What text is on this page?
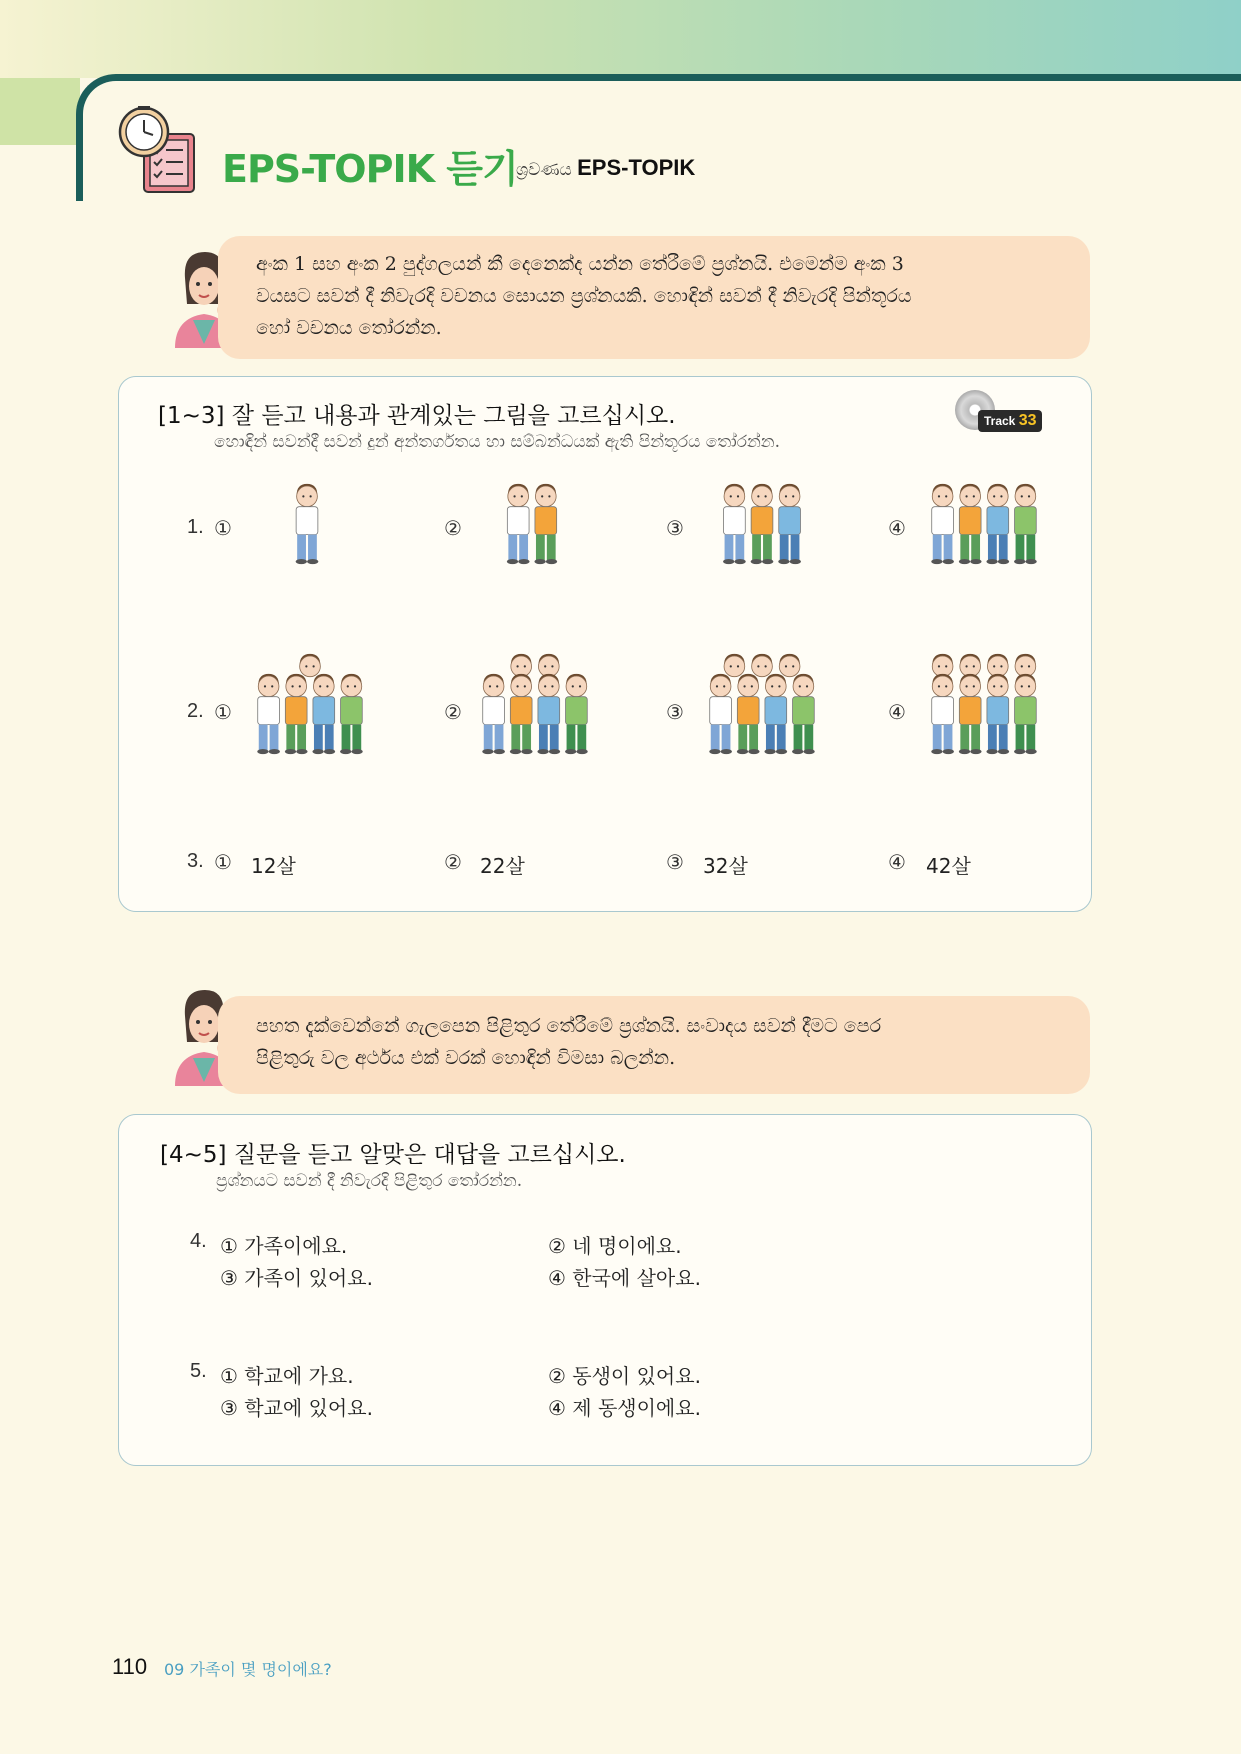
EPS-TOPIK 듣기
ශ්‍රවණය EPS-TOPIK

අංක 1 සහ අංක 2 පුද්ගලයන් කී දෙනෙක්ද යන්න තේරීමේ ප්‍රශ්නයි. එමෙන්ම අංක 3

වයසට සවන් දී නිවැරදි වචනය සොයන ප්‍රශ්නයකි. හොඳින් සවන් දී නිවැරදි පින්තූරය

හෝ වචනය තෝරන්න.

[1~3] 잘 듣고 내용과 관계있는 그림을 고르십시오.
හොඳින් සවන්දී සවන් දුන් අන්තර්ගතය හා සම්බන්ධයක් ඇති පින්තූරය තෝරන්න.
Track 33
1. ①	②	③	④
2. ①	②	③	④
3. ① 12살	② 22살	③ 32살	④ 42살

පහත දැක්වෙන්නේ ගැලපෙන පිළිතුර තේරීමේ ප්‍රශ්නයි. සංවාදය සවන් දීමට පෙර

පිළිතුරු වල අර්ථය එක් වරක් හොඳින් විමසා බලන්න.

[4~5] 질문을 듣고 알맞은 대답을 고르십시오.
ප්‍රශ්නයට සවන් දී නිවැරදි පිළිතුර තෝරන්න.
4. ① 가족이에요.	② 네 명이에요.
③ 가족이 있어요.	④ 한국에 살아요.
5. ① 학교에 가요.	② 동생이 있어요.
③ 학교에 있어요.	④ 제 동생이에요.
110 09 가족이 몇 명이에요?
